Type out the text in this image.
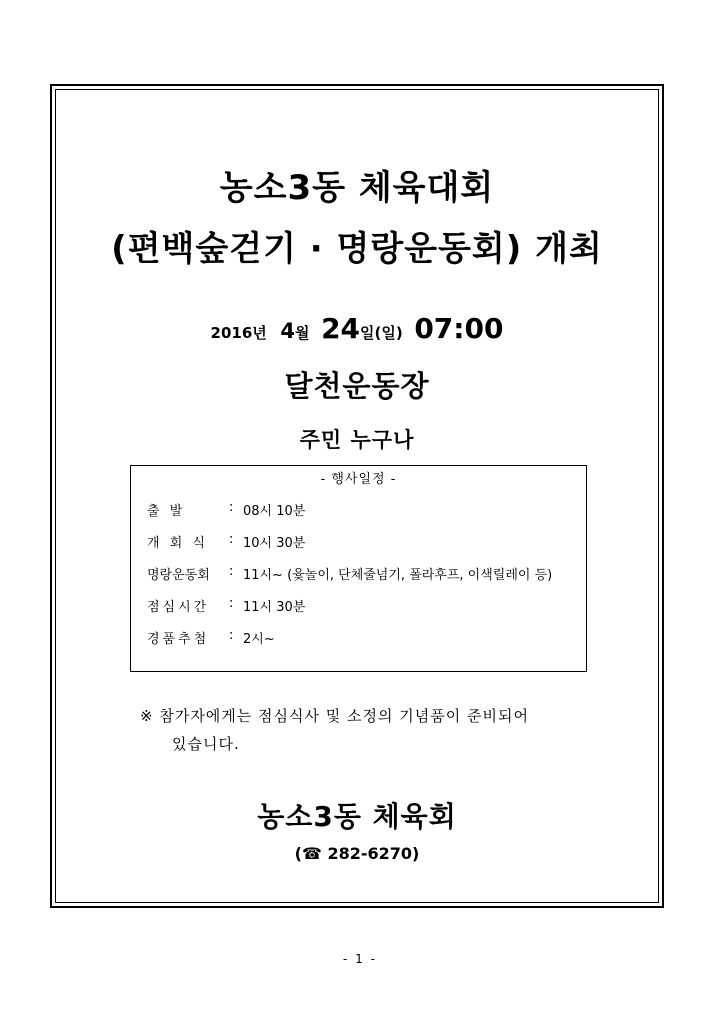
농소3동 체육대회
(편백숲걷기 · 명랑운동회) 개최
2016년 4월 24일(일) 07:00
달천운동장
주민 누구나
- 행사일정 -
출 발	: 08시 10분
개 회 식	: 10시 30분
명랑운동회	: 11시~ (윷놀이, 단체줄넘기, 폴라후프, 이색릴레이 등)
점심시간	: 11시 30분
경품추첨	: 2시~
※ 참가자에게는 점심식사 및 소정의 기념품이 준비되어
있습니다.
농소3동 체육회
(☎ 282-6270)
- 1 -
